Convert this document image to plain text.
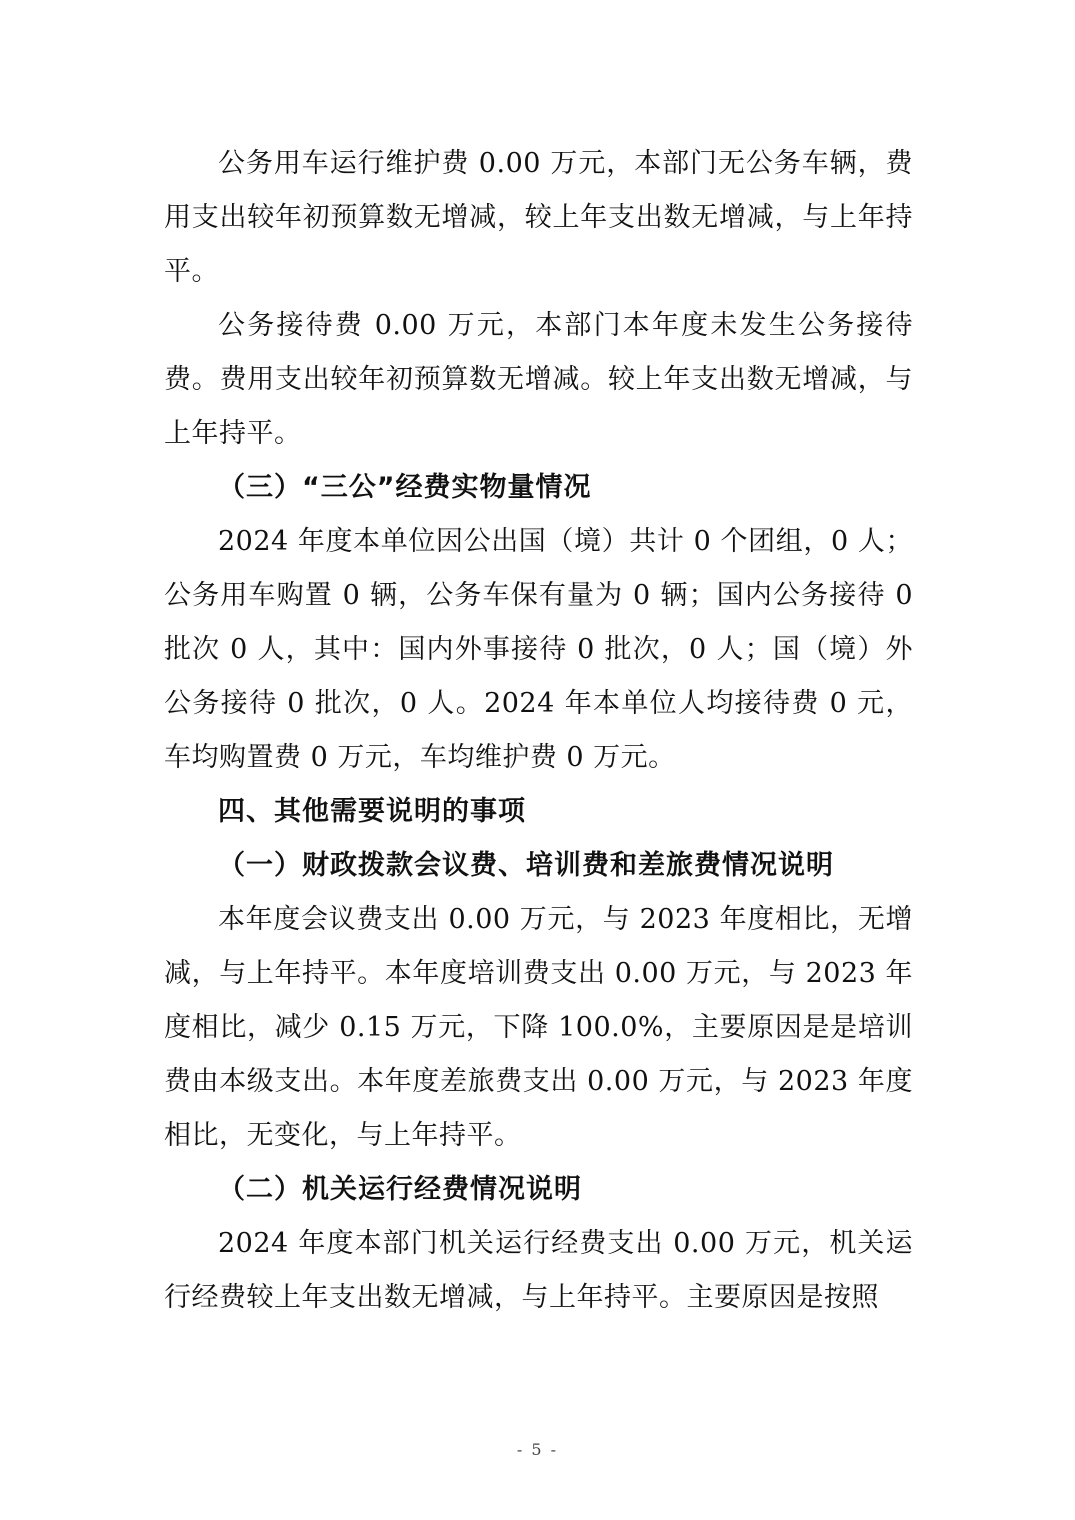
公务用车运行维护费 0.00 万元，本部门无公务车辆，费用支出较年初预算数无增减，较上年支出数无增减，与上年持平。

公务接待费 0.00 万元，本部门本年度未发生公务接待费。费用支出较年初预算数无增减。较上年支出数无增减，与上年持平。

（三）“三公”经费实物量情况

2024 年度本单位因公出国（境）共计 0 个团组，0 人；公务用车购置 0 辆，公务车保有量为 0 辆；国内公务接待 0 批次 0 人，其中：国内外事接待 0 批次，0 人；国（境）外公务接待 0 批次，0 人。2024 年本单位人均接待费 0 元，车均购置费 0 万元，车均维护费 0 万元。

四、其他需要说明的事项

（一）财政拨款会议费、培训费和差旅费情况说明

本年度会议费支出 0.00 万元，与 2023 年度相比，无增减，与上年持平。本年度培训费支出 0.00 万元，与 2023 年度相比，减少 0.15 万元，下降 100.0%，主要原因是是培训费由本级支出。本年度差旅费支出 0.00 万元，与 2023 年度相比，无变化，与上年持平。

（二）机关运行经费情况说明

2024 年度本部门机关运行经费支出 0.00 万元，机关运行经费较上年支出数无增减，与上年持平。主要原因是按照

- 5 -
